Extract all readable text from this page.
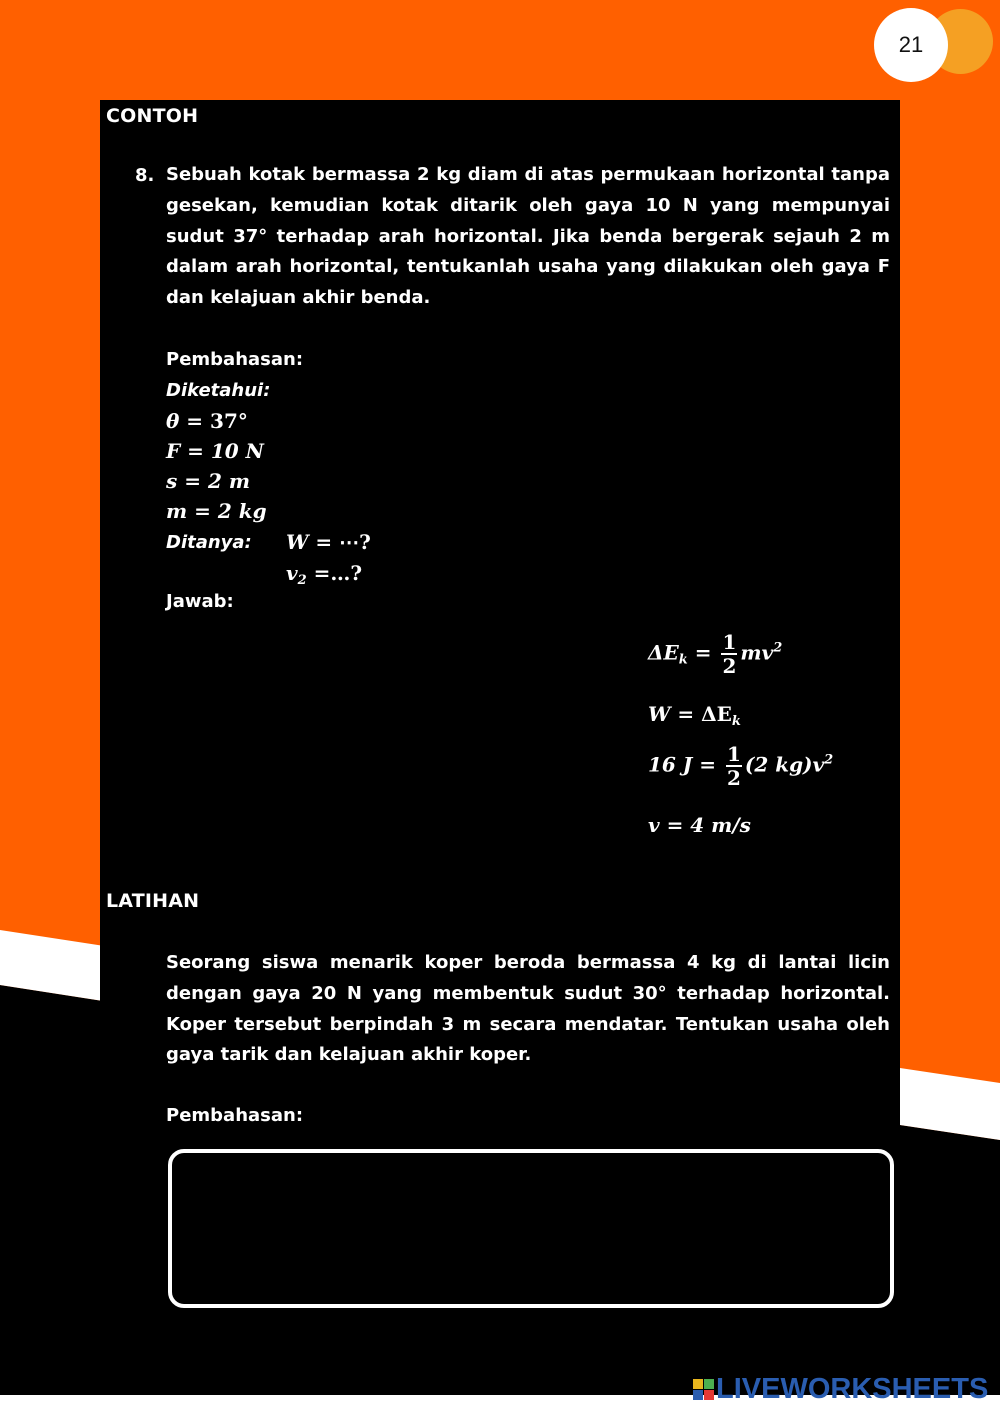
21
CONTOH
8. Sebuah kotak bermassa 2 kg diam di atas permukaan horizontal tanpa gesekan, kemudian kotak ditarik oleh gaya 10 N yang mempunyai sudut 37° terhadap arah horizontal. Jika benda bergerak sejauh 2 m dalam arah horizontal, tentukanlah usaha yang dilakukan oleh gaya F dan kelajuan akhir benda.
Pembahasan:
Diketahui:
θ = 37°
F = 10 N
s = 2 m
m = 2 kg
Ditanya: W = ⋯?
$v_2$ =…?
Jawab:
$\Delta E_k = \frac{1}{2} mv^2$
$W = \Delta E_k$
16 $J = \frac{1}{2} (2$ $kg)v^2$
v = 4 m/s
LATIHAN
Seorang siswa menarik koper beroda bermassa 4 kg di lantai licin dengan gaya 20 N yang membentuk sudut 30° terhadap horizontal. Koper tersebut berpindah 3 m secara mendatar. Tentukan usaha oleh gaya tarik dan kelajuan akhir koper.
Pembahasan:
LIVEWORKSHEETS
